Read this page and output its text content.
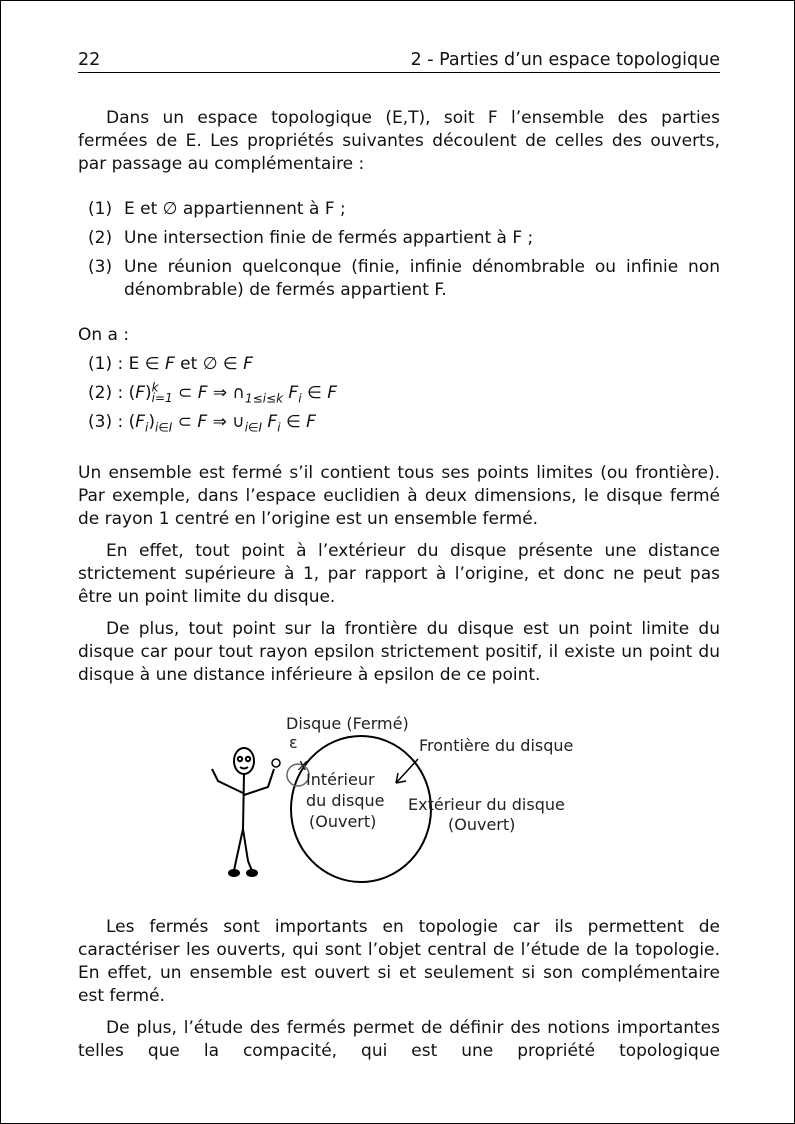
22	2 - Parties d’un espace topologique

Dans un espace topologique (E,T), soit F l’ensemble des parties fermées de E. Les propriétés suivantes découlent de celles des ouverts, par passage au complémentaire :

(1) E et ∅ appartiennent à F ;
(2) Une intersection finie de fermés appartient à F ;
(3) Une réunion quelconque (finie, infinie dénombrable ou infinie non dénombrable) de fermés appartient F.

On a :

(1) : E ∈ F et ∅ ∈ F
(2) : $(F)^k_{i=1}$ ⊂ F ⇒ $\cap_{1\le i\le k}$ $F_i$ ∈ F
(3) : $(F_i)_{i\in I}$ ⊂ F ⇒ $\cup_{i\in I}$ $F_i$ ∈ F

Un ensemble est fermé s’il contient tous ses points limites (ou frontière). Par exemple, dans l’espace euclidien à deux dimensions, le disque fermé de rayon 1 centré en l’origine est un ensemble fermé.

En effet, tout point à l’extérieur du disque présente une distance strictement supérieure à 1, par rapport à l’origine, et donc ne peut pas être un point limite du disque.

De plus, tout point sur la frontière du disque est un point limite du disque car pour tout rayon epsilon strictement positif, il existe un point du disque à une distance inférieure à epsilon de ce point.

Disque (Fermé)
ε
x
Frontière du disque
Intérieur
du disque
(Ouvert)
Extérieur du disque
(Ouvert)

Les fermés sont importants en topologie car ils permettent de caractériser les ouverts, qui sont l’objet central de l’étude de la topologie. En effet, un ensemble est ouvert si et seulement si son complémentaire est fermé.

De plus, l’étude des fermés permet de définir des notions importantes telles que la compacité, qui est une propriété topologique
